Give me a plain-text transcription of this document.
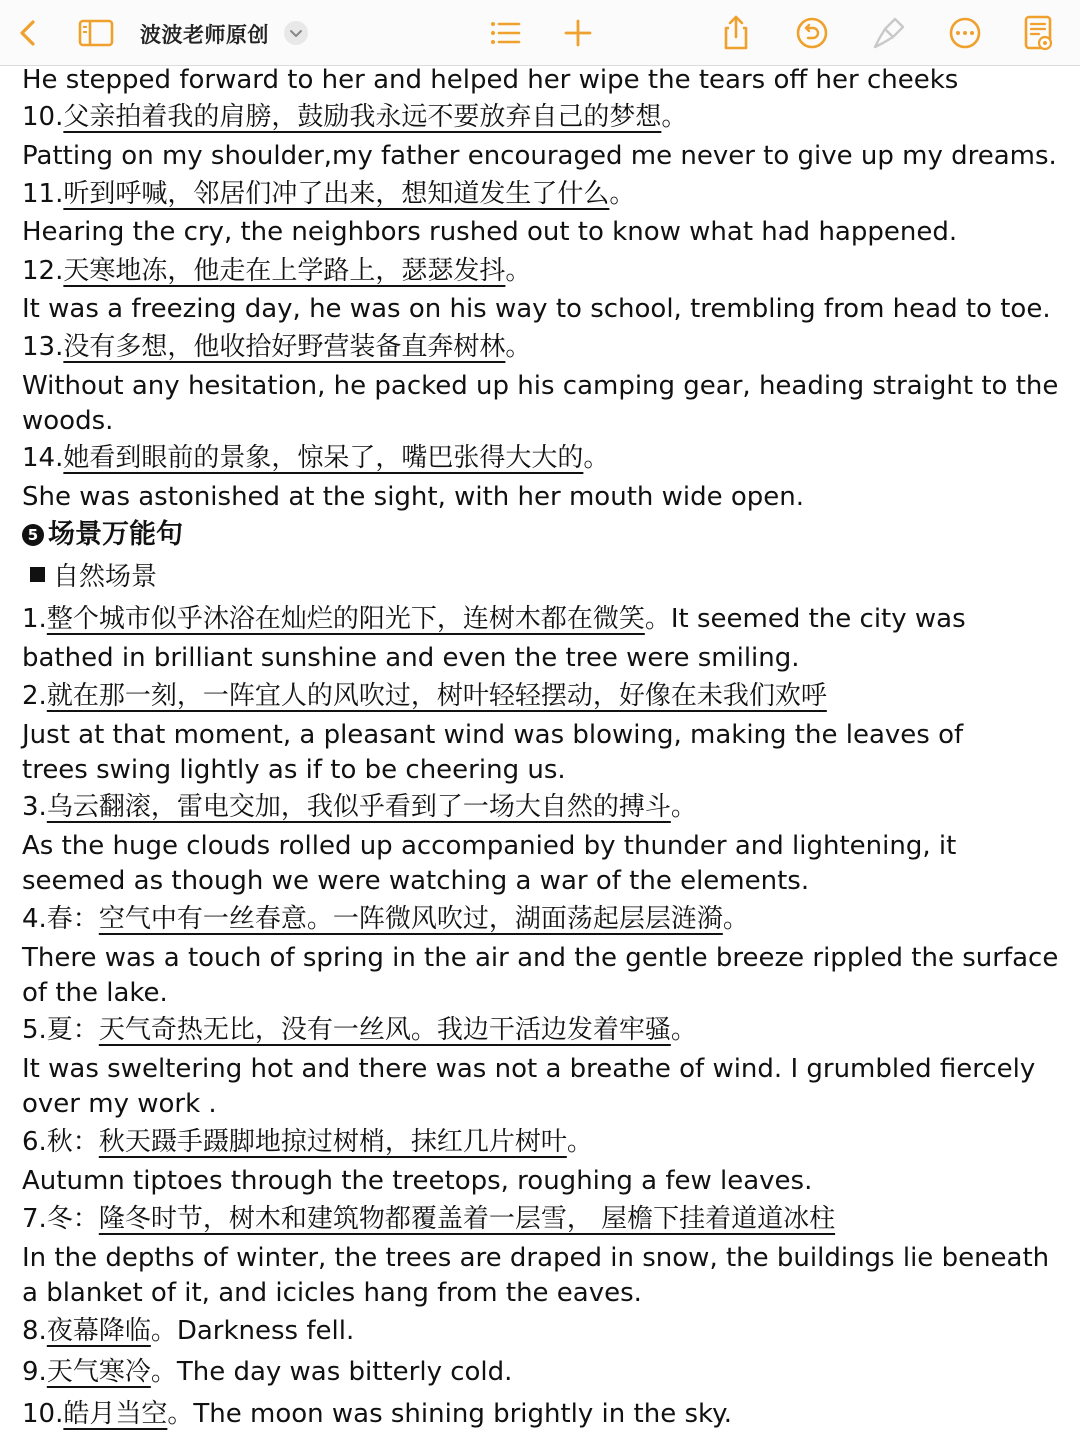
波波老师原创
He stepped forward to her and helped her wipe the tears off her cheeks
10.父亲拍着我的肩膀，鼓励我永远不要放弃自己的梦想。
Patting on my shoulder,my father encouraged me never to give up my dreams.
11.听到呼喊，邻居们冲了出来，想知道发生了什么。
Hearing the cry, the neighbors rushed out to know what had happened.
12.天寒地冻，他走在上学路上，瑟瑟发抖。
It was a freezing day, he was on his way to school, trembling from head to toe.
13.没有多想，他收拾好野营装备直奔树林。
Without any hesitation, he packed up his camping gear, heading straight to the
woods.
14.她看到眼前的景象，惊呆了，嘴巴张得大大的。
She was astonished at the sight, with her mouth wide open.
5 场景万能句
自然场景
1.整个城市似乎沐浴在灿烂的阳光下，连树木都在微笑。It seemed the city was
bathed in brilliant sunshine and even the tree were smiling.
2.就在那一刻，一阵宜人的风吹过，树叶轻轻摆动，好像在未我们欢呼
Just at that moment, a pleasant wind was blowing, making the leaves of
trees swing lightly as if to be cheering us.
3.乌云翻滚，雷电交加，我似乎看到了一场大自然的搏斗。
As the huge clouds rolled up accompanied by thunder and lightening, it
seemed as though we were watching a war of the elements.
4.春：空气中有一丝春意。一阵微风吹过，湖面荡起层层涟漪。
There was a touch of spring in the air and the gentle breeze rippled the surface
of the lake.
5.夏：天气奇热无比，没有一丝风。我边干活边发着牢骚。
It was sweltering hot and there was not a breathe of wind. I grumbled fiercely
over my work .
6.秋：秋天蹑手蹑脚地掠过树梢，抹红几片树叶。
Autumn tiptoes through the treetops, roughing a few leaves.
7.冬：隆冬时节，树木和建筑物都覆盖着一层雪， 屋檐下挂着道道冰柱
In the depths of winter, the trees are draped in snow, the buildings lie beneath
a blanket of it, and icicles hang from the eaves.
8.夜幕降临。Darkness fell.
9.天气寒冷。The day was bitterly cold.
10.皓月当空。The moon was shining brightly in the sky.
